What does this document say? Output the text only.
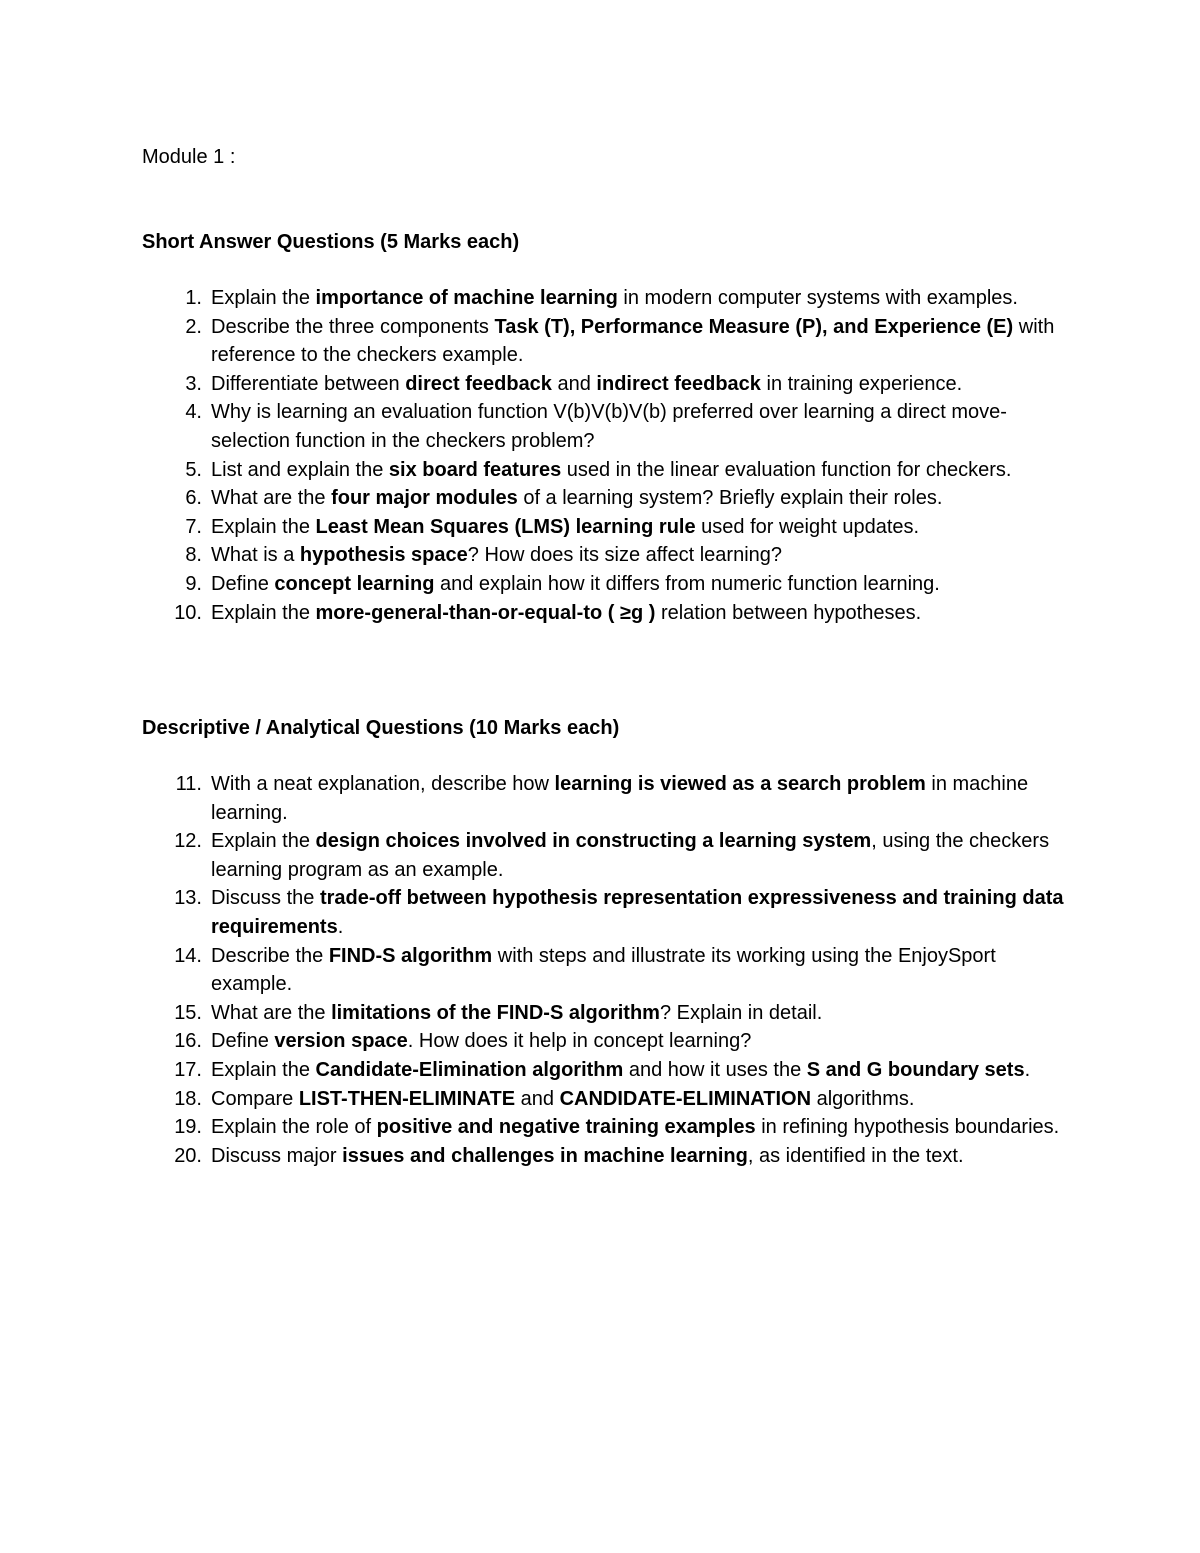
Module 1 :

Short Answer Questions (5 Marks each)

1. Explain the importance of machine learning in modern computer systems with examples.
2. Describe the three components Task (T), Performance Measure (P), and Experience (E) with reference to the checkers example.
3. Differentiate between direct feedback and indirect feedback in training experience.
4. Why is learning an evaluation function V(b)V(b)V(b) preferred over learning a direct move-selection function in the checkers problem?
5. List and explain the six board features used in the linear evaluation function for checkers.
6. What are the four major modules of a learning system? Briefly explain their roles.
7. Explain the Least Mean Squares (LMS) learning rule used for weight updates.
8. What is a hypothesis space? How does its size affect learning?
9. Define concept learning and explain how it differs from numeric function learning.
10. Explain the more-general-than-or-equal-to ( ≥g ) relation between hypotheses.

Descriptive / Analytical Questions (10 Marks each)

11. With a neat explanation, describe how learning is viewed as a search problem in machine learning.
12. Explain the design choices involved in constructing a learning system, using the checkers learning program as an example.
13. Discuss the trade-off between hypothesis representation expressiveness and training data requirements.
14. Describe the FIND-S algorithm with steps and illustrate its working using the EnjoySport example.
15. What are the limitations of the FIND-S algorithm? Explain in detail.
16. Define version space. How does it help in concept learning?
17. Explain the Candidate-Elimination algorithm and how it uses the S and G boundary sets.
18. Compare LIST-THEN-ELIMINATE and CANDIDATE-ELIMINATION algorithms.
19. Explain the role of positive and negative training examples in refining hypothesis boundaries.
20. Discuss major issues and challenges in machine learning, as identified in the text.
